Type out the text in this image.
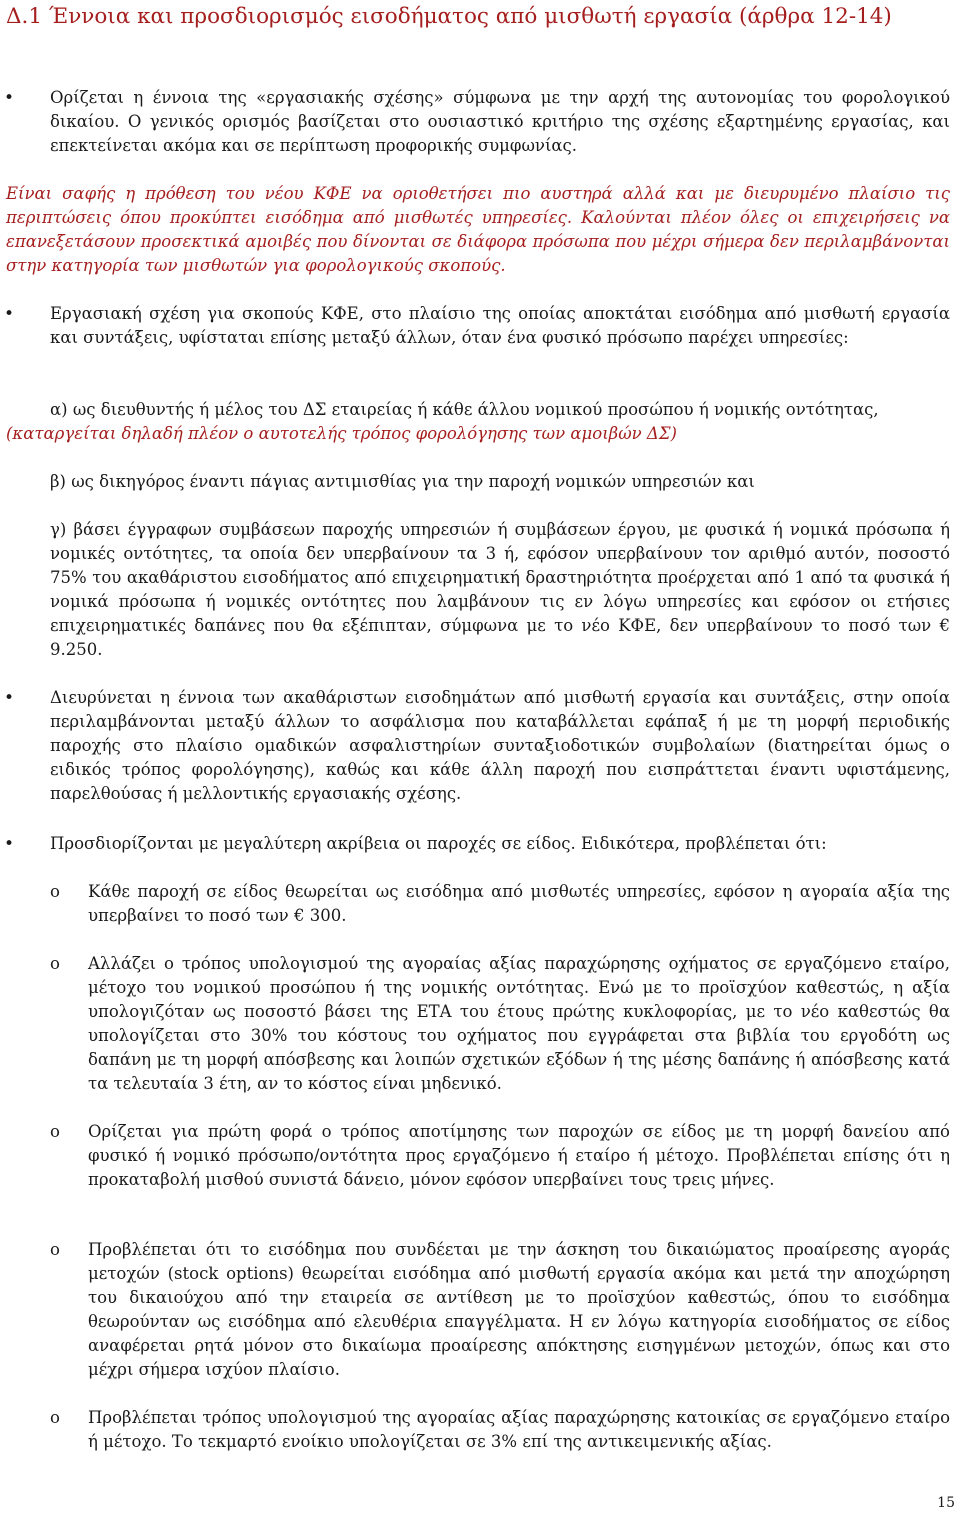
Δ.1 Έννοια και προσδιορισμός εισοδήματος από μισθωτή εργασία (άρθρα 12-14)
• Ορίζεται η έννοια της «εργασιακής σχέσης» σύμφωνα με την αρχή της αυτονομίας του φορολογικού δικαίου. Ο γενικός ορισμός βασίζεται στο ουσιαστικό κριτήριο της σχέσης εξαρτημένης εργασίας, και επεκτείνεται ακόμα και σε περίπτωση προφορικής συμφωνίας.

Είναι σαφής η πρόθεση του νέου ΚΦΕ να οριοθετήσει πιο αυστηρά αλλά και με διευρυμένο πλαίσιο τις περιπτώσεις όπου προκύπτει εισόδημα από μισθωτές υπηρεσίες. Καλούνται πλέον όλες οι επιχειρήσεις να επανεξετάσουν προσεκτικά αμοιβές που δίνονται σε διάφορα πρόσωπα που μέχρι σήμερα δεν περιλαμβάνονται στην κατηγορία των μισθωτών για φορολογικούς σκοπούς.

• Εργασιακή σχέση για σκοπούς ΚΦΕ, στο πλαίσιο της οποίας αποκτάται εισόδημα από μισθωτή εργασία και συντάξεις, υφίσταται επίσης μεταξύ άλλων, όταν ένα φυσικό πρόσωπο παρέχει υπηρεσίες:

α) ως διευθυντής ή μέλος του ΔΣ εταιρείας ή κάθε άλλου νομικού προσώπου ή νομικής οντότητας,

(καταργείται δηλαδή πλέον ο αυτοτελής τρόπος φορολόγησης των αμοιβών ΔΣ)

β) ως δικηγόρος έναντι πάγιας αντιμισθίας για την παροχή νομικών υπηρεσιών και

γ) βάσει έγγραφων συμβάσεων παροχής υπηρεσιών ή συμβάσεων έργου, με φυσικά ή νομικά πρόσωπα ή νομικές οντότητες, τα οποία δεν υπερβαίνουν τα 3 ή, εφόσον υπερβαίνουν τον αριθμό αυτόν, ποσοστό 75% του ακαθάριστου εισοδήματος από επιχειρηματική δραστηριότητα προέρχεται από 1 από τα φυσικά ή νομικά πρόσωπα ή νομικές οντότητες που λαμβάνουν τις εν λόγω υπηρεσίες και εφόσον οι ετήσιες επιχειρηματικές δαπάνες που θα εξέπιπταν, σύμφωνα με το νέο ΚΦΕ, δεν υπερβαίνουν το ποσό των € 9.250.

• Διευρύνεται η έννοια των ακαθάριστων εισοδημάτων από μισθωτή εργασία και συντάξεις, στην οποία περιλαμβάνονται μεταξύ άλλων το ασφάλισμα που καταβάλλεται εφάπαξ ή με τη μορφή περιοδικής παροχής στο πλαίσιο ομαδικών ασφαλιστηρίων συνταξιοδοτικών συμβολαίων (διατηρείται όμως ο ειδικός τρόπος φορολόγησης), καθώς και κάθε άλλη παροχή που εισπράττεται έναντι υφιστάμενης, παρελθούσας ή μελλοντικής εργασιακής σχέσης.

• Προσδιορίζονται με μεγαλύτερη ακρίβεια οι παροχές σε είδος. Ειδικότερα, προβλέπεται ότι:

o Κάθε παροχή σε είδος θεωρείται ως εισόδημα από μισθωτές υπηρεσίες, εφόσον η αγοραία αξία της υπερβαίνει το ποσό των € 300.

o Αλλάζει ο τρόπος υπολογισμού της αγοραίας αξίας παραχώρησης οχήματος σε εργαζόμενο εταίρο, μέτοχο του νομικού προσώπου ή της νομικής οντότητας. Ενώ με το προϊσχύον καθεστώς, η αξία υπολογιζόταν ως ποσοστό βάσει της ΕΤΑ του έτους πρώτης κυκλοφορίας, με το νέο καθεστώς θα υπολογίζεται στο 30% του κόστους του οχήματος που εγγράφεται στα βιβλία του εργοδότη ως δαπάνη με τη μορφή απόσβεσης και λοιπών σχετικών εξόδων ή της μέσης δαπάνης ή απόσβεσης κατά τα τελευταία 3 έτη, αν το κόστος είναι μηδενικό.

o Ορίζεται για πρώτη φορά ο τρόπος αποτίμησης των παροχών σε είδος με τη μορφή δανείου από φυσικό ή νομικό πρόσωπο/οντότητα προς εργαζόμενο ή εταίρο ή μέτοχο. Προβλέπεται επίσης ότι η προκαταβολή μισθού συνιστά δάνειο, μόνον εφόσον υπερβαίνει τους τρεις μήνες.

o Προβλέπεται ότι το εισόδημα που συνδέεται με την άσκηση του δικαιώματος προαίρεσης αγοράς μετοχών (stock options) θεωρείται εισόδημα από μισθωτή εργασία ακόμα και μετά την αποχώρηση του δικαιούχου από την εταιρεία σε αντίθεση με το προϊσχύον καθεστώς, όπου το εισόδημα θεωρούνταν ως εισόδημα από ελευθέρια επαγγέλματα. Η εν λόγω κατηγορία εισοδήματος σε είδος αναφέρεται ρητά μόνον στο δικαίωμα προαίρεσης απόκτησης εισηγμένων μετοχών, όπως και στο μέχρι σήμερα ισχύον πλαίσιο.

o Προβλέπεται τρόπος υπολογισμού της αγοραίας αξίας παραχώρησης κατοικίας σε εργαζόμενο εταίρο ή μέτοχο. Το τεκμαρτό ενοίκιο υπολογίζεται σε 3% επί της αντικειμενικής αξίας.

15
